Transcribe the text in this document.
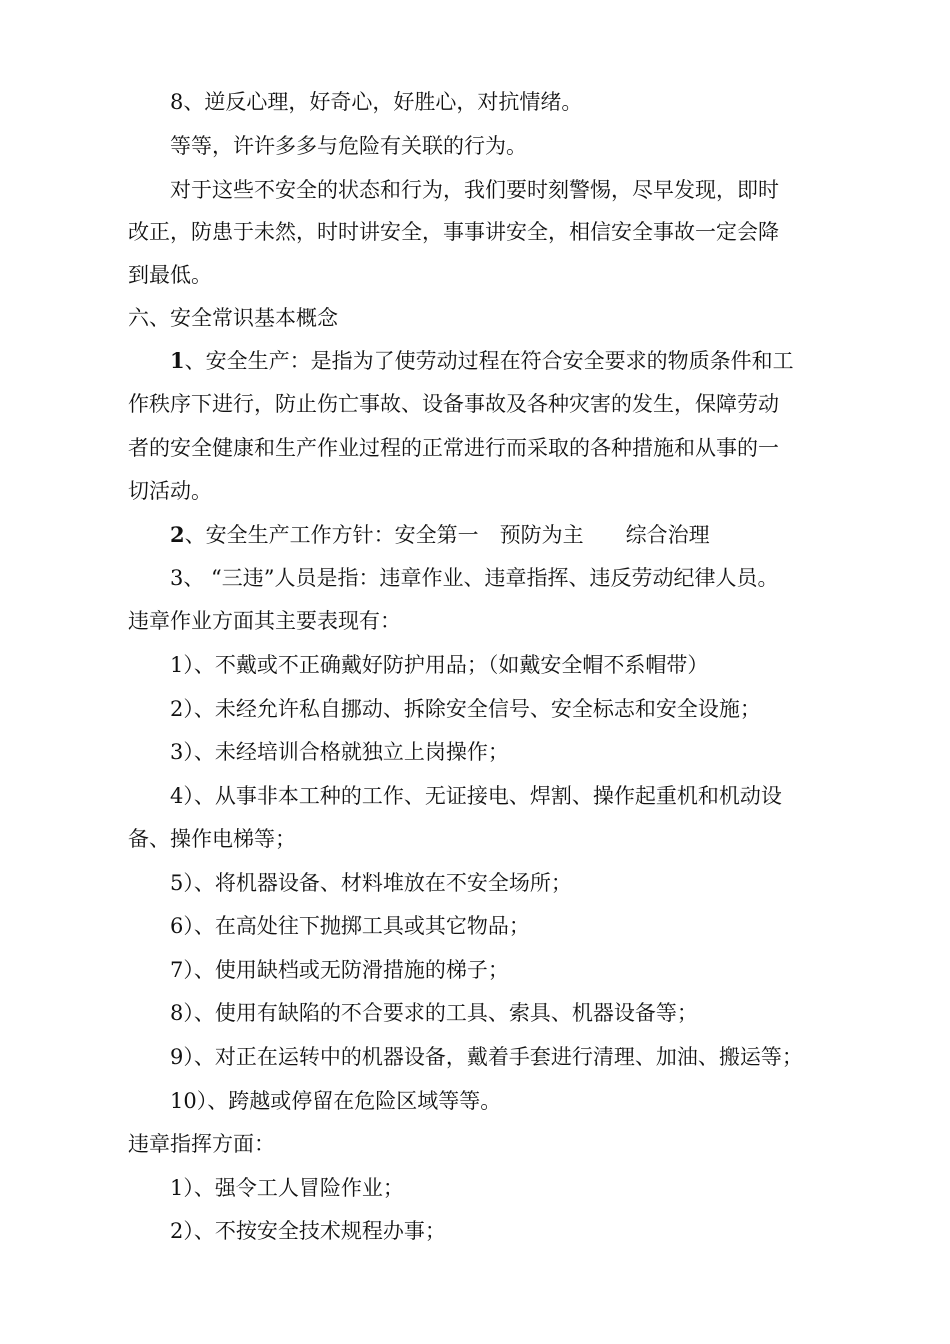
8、逆反心理，好奇心，好胜心，对抗情绪。
等等，许许多多与危险有关联的行为。
对于这些不安全的状态和行为，我们要时刻警惕，尽早发现，即时
改正，防患于未然，时时讲安全，事事讲安全，相信安全事故一定会降
到最低。
六、安全常识基本概念
1、安全生产：是指为了使劳动过程在符合安全要求的物质条件和工
作秩序下进行，防止伤亡事故、设备事故及各种灾害的发生，保障劳动
者的安全健康和生产作业过程的正常进行而采取的各种措施和从事的一
切活动。
2、安全生产工作方针：安全第一　预防为主　　综合治理
3、 “三违”人员是指：违章作业、违章指挥、违反劳动纪律人员。
违章作业方面其主要表现有：
1）、不戴或不正确戴好防护用品；（如戴安全帽不系帽带）
2）、未经允许私自挪动、拆除安全信号、安全标志和安全设施；
3）、未经培训合格就独立上岗操作；
4）、从事非本工种的工作、无证接电、焊割、操作起重机和机动设
备、操作电梯等；
5）、将机器设备、材料堆放在不安全场所；
6）、在高处往下抛掷工具或其它物品；
7）、使用缺档或无防滑措施的梯子；
8）、使用有缺陷的不合要求的工具、索具、机器设备等；
9）、对正在运转中的机器设备，戴着手套进行清理、加油、搬运等；
10）、跨越或停留在危险区域等等。
违章指挥方面：
1）、强令工人冒险作业；
2）、不按安全技术规程办事；
